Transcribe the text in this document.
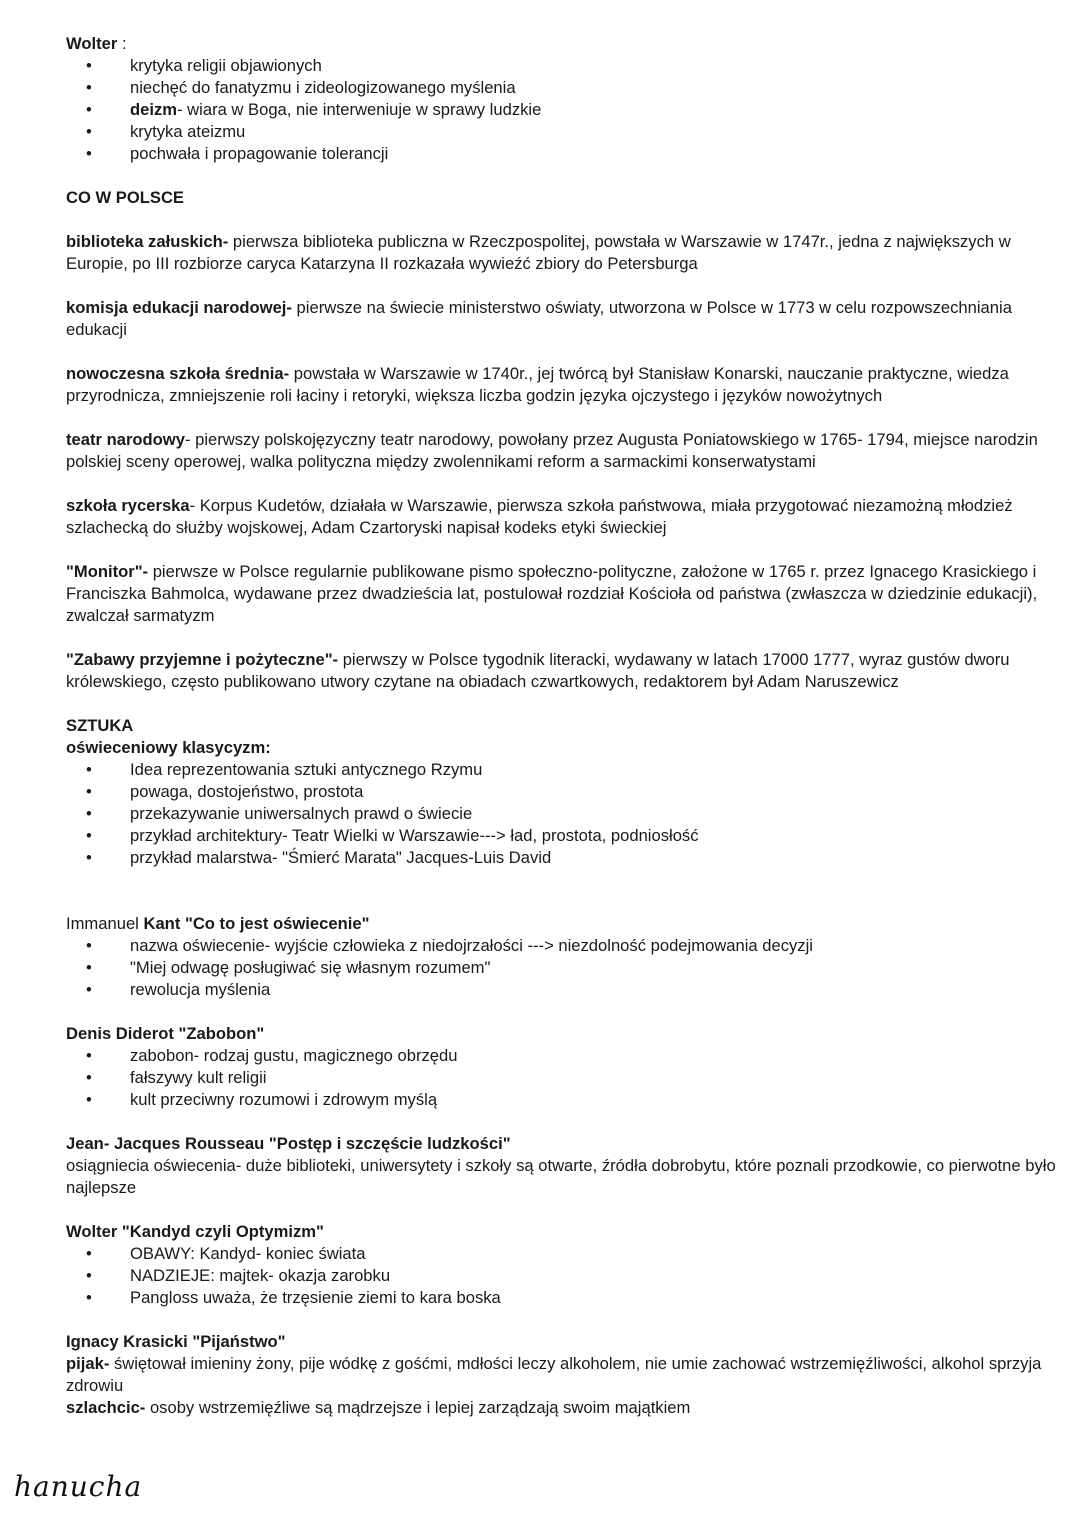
Wolter :

• krytyka religii objawionych
• niechęć do fanatyzmu i zideologizowanego myślenia
• deizm- wiara w Boga, nie interweniuje w sprawy ludzkie
• krytyka ateizmu
• pochwała i propagowanie tolerancji

CO W POLSCE

biblioteka załuskich- pierwsza biblioteka publiczna w Rzeczpospolitej, powstała w Warszawie w 1747r., jedna z największych w Europie, po III rozbiorze caryca Katarzyna II rozkazała wywieźć zbiory do Petersburga

komisja edukacji narodowej- pierwsze na świecie ministerstwo oświaty, utworzona w Polsce w 1773 w celu rozpowszechniania edukacji

nowoczesna szkoła średnia- powstała w Warszawie w 1740r., jej twórcą był Stanisław Konarski, nauczanie praktyczne, wiedza przyrodnicza, zmniejszenie roli łaciny i retoryki, większa liczba godzin języka ojczystego i języków nowożytnych

teatr narodowy- pierwszy polskojęzyczny teatr narodowy, powołany przez Augusta Poniatowskiego w 1765- 1794, miejsce narodzin polskiej sceny operowej, walka polityczna między zwolennikami reform a sarmackimi konserwatystami

szkoła rycerska- Korpus Kudetów, działała w Warszawie, pierwsza szkoła państwowa, miała przygotować niezamożną młodzież szlachecką do służby wojskowej, Adam Czartoryski napisał kodeks etyki świeckiej

"Monitor"- pierwsze w Polsce regularnie publikowane pismo społeczno-polityczne, założone w 1765 r. przez Ignacego Krasickiego i Franciszka Bahmolca, wydawane przez dwadzieścia lat, postulował rozdział Kościoła od państwa (zwłaszcza w dziedzinie edukacji), zwalczał sarmatyzm

"Zabawy przyjemne i pożyteczne"- pierwszy w Polsce tygodnik literacki, wydawany w latach 17000 1777, wyraz gustów dworu królewskiego, często publikowano utwory czytane na obiadach czwartkowych, redaktorem był Adam Naruszewicz

SZTUKA

oświeceniowy klasycyzm:

• Idea reprezentowania sztuki antycznego Rzymu
• powaga, dostojeństwo, prostota
• przekazywanie uniwersalnych prawd o świecie
• przykład architektury- Teatr Wielki w Warszawie---> ład, prostota, podniosłość
• przykład malarstwa- "Śmierć Marata" Jacques-Luis David

Immanuel Kant "Co to jest oświecenie"

• nazwa oświecenie- wyjście człowieka z niedojrzałości ---> niezdolność podejmowania decyzji
• "Miej odwagę posługiwać się własnym rozumem"
• rewolucja myślenia

Denis Diderot "Zabobon"

• zabobon- rodzaj gustu, magicznego obrzędu
• fałszywy kult religii
• kult przeciwny rozumowi i zdrowym myślą

Jean- Jacques Rousseau "Postęp i szczęście ludzkości"

osiągniecia oświecenia- duże biblioteki, uniwersytety i szkoły są otwarte, źródła dobrobytu, które poznali przodkowie, co pierwotne było najlepsze

Wolter "Kandyd czyli Optymizm"

• OBAWY: Kandyd- koniec świata
• NADZIEJE: majtek- okazja zarobku
• Pangloss uważa, że trzęsienie ziemi to kara boska

Ignacy Krasicki "Pijaństwo"

pijak- świętował imieniny żony, pije wódkę z gośćmi, mdłości leczy alkoholem, nie umie zachować wstrzemięźliwości, alkohol sprzyja zdrowiu

szlachcic- osoby wstrzemięźliwe są mądrzejsze i lepiej zarządzają swoim majątkiem

hanucha
